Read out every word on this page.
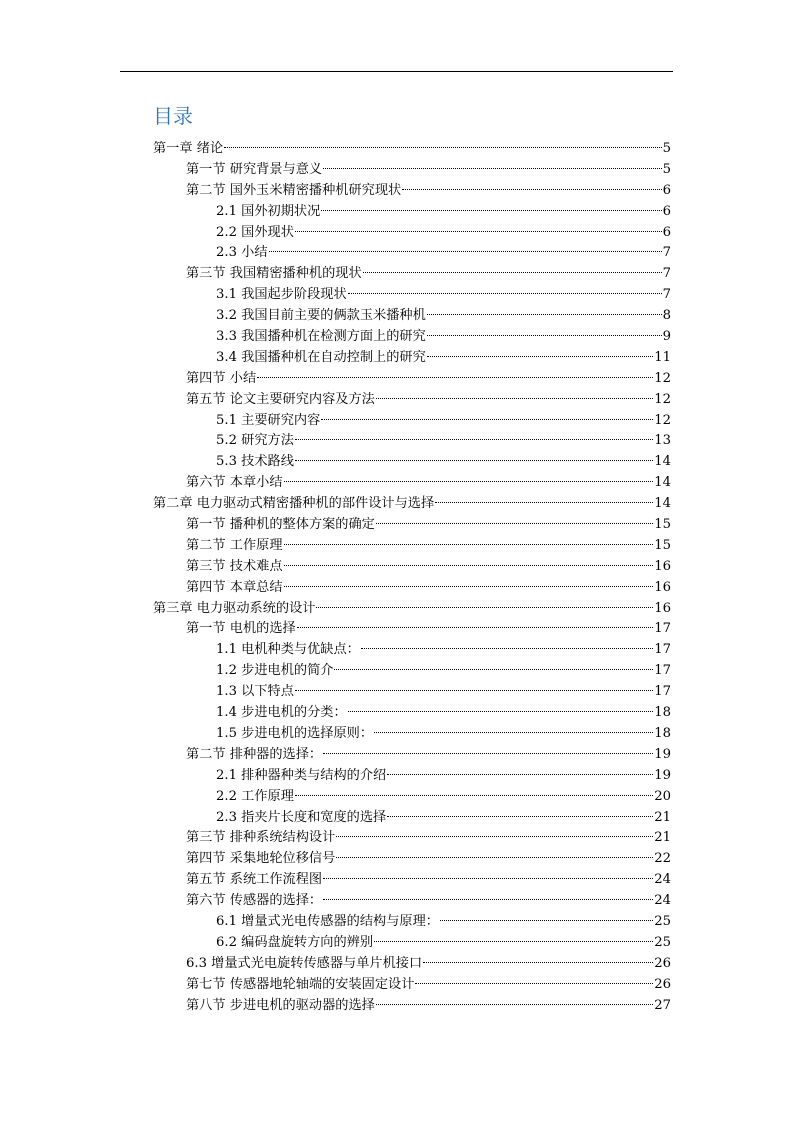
目录
第一章 绪论	5
第一节 研究背景与意义	5
第二节 国外玉米精密播种机研究现状	6
2.1 国外初期状况	6
2.2 国外现状	6
2.3 小结	7
第三节 我国精密播种机的现状	7
3.1 我国起步阶段现状	7
3.2 我国目前主要的俩款玉米播种机	8
3.3 我国播种机在检测方面上的研究	9
3.4 我国播种机在自动控制上的研究	11
第四节 小结	12
第五节 论文主要研究内容及方法	12
5.1 主要研究内容	12
5.2 研究方法	13
5.3 技术路线	14
第六节 本章小结	14
第二章 电力驱动式精密播种机的部件设计与选择	14
第一节 播种机的整体方案的确定	15
第二节 工作原理	15
第三节 技术难点	16
第四节 本章总结	16
第三章 电力驱动系统的设计	16
第一节 电机的选择	17
1.1 电机种类与优缺点：	17
1.2 步进电机的简介	17
1.3 以下特点	17
1.4 步进电机的分类：	18
1.5 步进电机的选择原则：	18
第二节 排种器的选择：	19
2.1 排种器种类与结构的介绍	19
2.2 工作原理	20
2.3 指夹片长度和宽度的选择	21
第三节 排种系统结构设计	21
第四节 采集地轮位移信号	22
第五节 系统工作流程图	24
第六节 传感器的选择：	24
6.1 增量式光电传感器的结构与原理：	25
6.2 编码盘旋转方向的辨别	25
6.3 增量式光电旋转传感器与单片机接口	26
第七节 传感器地轮轴端的安装固定设计	26
第八节 步进电机的驱动器的选择	27
